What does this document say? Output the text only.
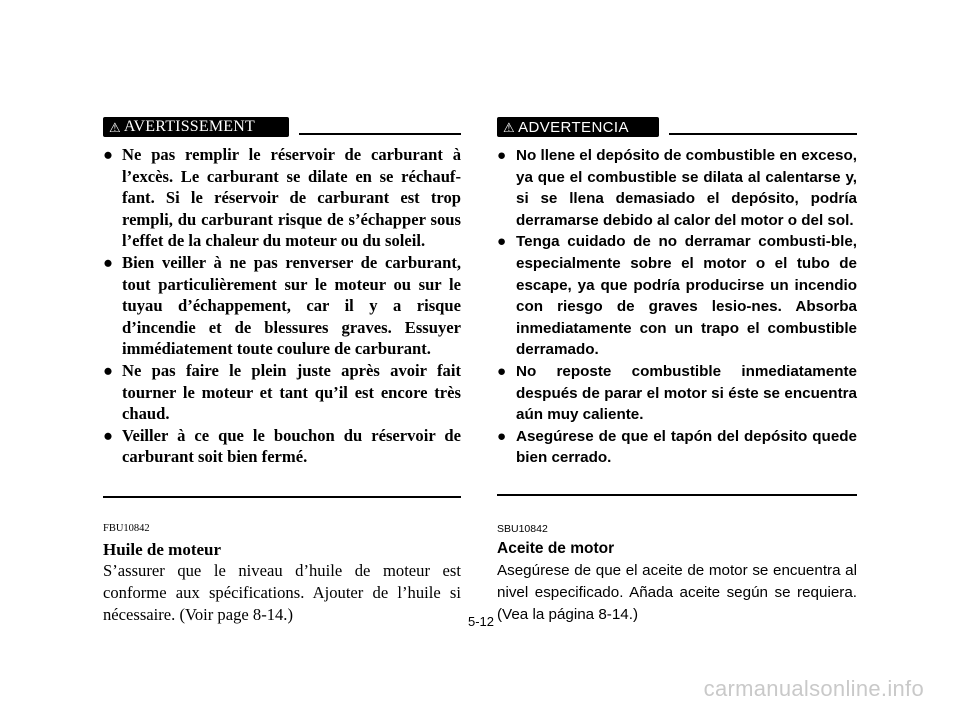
⚠ AVERTISSEMENT
● Ne pas remplir le réservoir de carburant à l’excès. Le carburant se dilate en se réchauf-fant. Si le réservoir de carburant est trop rempli, du carburant risque de s’échapper sous l’effet de la chaleur du moteur ou du soleil.
● Bien veiller à ne pas renverser de carburant, tout particulièrement sur le moteur ou sur le tuyau d’échappement, car il y a risque d’incendie et de blessures graves. Essuyer immédiatement toute coulure de carburant.
● Ne pas faire le plein juste après avoir fait tourner le moteur et tant qu’il est encore très chaud.
● Veiller à ce que le bouchon du réservoir de carburant soit bien fermé.
FBU10842
Huile de moteur

S’assurer que le niveau d’huile de moteur est conforme aux spécifications. Ajouter de l’huile si nécessaire. (Voir page 8-14.)

⚠ ADVERTENCIA
● No llene el depósito de combustible en exceso, ya que el combustible se dilata al calentarse y, si se llena demasiado el depósito, podría derramarse debido al calor del motor o del sol.
● Tenga cuidado de no derramar combusti-ble, especialmente sobre el motor o el tubo de escape, ya que podría producirse un incendio con riesgo de graves lesio-nes. Absorba inmediatamente con un trapo el combustible derramado.
● No reposte combustible inmediatamente después de parar el motor si éste se encuentra aún muy caliente.
● Asegúrese de que el tapón del depósito quede bien cerrado.
SBU10842
Aceite de motor

Asegúrese de que el aceite de motor se encuentra al nivel especificado. Añada aceite según se requiera. (Vea la página 8-14.)

5-12
carmanualsonline.info
